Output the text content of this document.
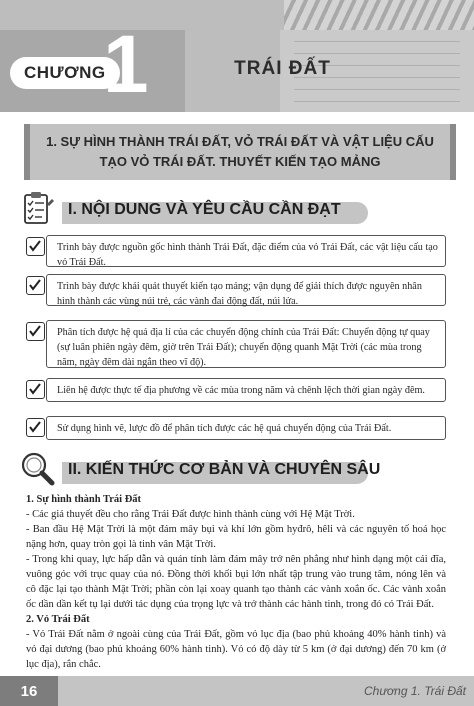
CHƯƠNG
1	TRÁI ĐẤT
1. SỰ HÌNH THÀNH TRÁI ĐẤT, VỎ TRÁI ĐẤT VÀ VẬT LIỆU CẤU TẠO VỎ TRÁI ĐẤT. THUYẾT KIẾN TẠO MẢNG
I. NỘI DUNG VÀ YÊU CẦU CẦN ĐẠT
Trình bày được nguồn gốc hình thành Trái Đất, đặc điểm của vỏ Trái Đất, các vật liệu cấu tạo vỏ Trái Đất.
Trình bày được khái quát thuyết kiến tạo mảng; vận dụng để giải thích được nguyên nhân hình thành các vùng núi trẻ, các vành đai động đất, núi lửa.
Phân tích được hệ quả địa lí của các chuyển động chính của Trái Đất: Chuyển động tự quay (sự luân phiên ngày đêm, giờ trên Trái Đất); chuyển động quanh Mặt Trời (các mùa trong năm, ngày đêm dài ngắn theo vĩ độ).
Liên hệ được thực tế địa phương về các mùa trong năm và chênh lệch thời gian ngày đêm.
Sử dụng hình vẽ, lược đồ để phân tích được các hệ quả chuyển động của Trái Đất.
II. KIẾN THỨC CƠ BẢN VÀ CHUYÊN SÂU

1. Sự hình thành Trái Đất

- Các giả thuyết đều cho rằng Trái Đất được hình thành cùng với Hệ Mặt Trời.

- Ban đầu Hệ Mặt Trời là một đám mây bụi và khí lớn gồm hyđrô, hêli và các nguyên tố hoá học nặng hơn, quay tròn gọi là tinh vân Mặt Trời.

- Trong khi quay, lực hấp dẫn và quán tính làm đám mây trở nên phẳng như hình dạng một cái đĩa, vuông góc với trục quay của nó. Đồng thời khối bụi lớn nhất tập trung vào trung tâm, nóng lên và cô đặc lại tạo thành Mặt Trời; phần còn lại xoay quanh tạo thành các vành xoắn ốc. Các vành xoắn ốc dần dần kết tụ lại dưới tác dụng của trọng lực và trở thành các hành tinh, trong đó có Trái Đất.

2. Vỏ Trái Đất

- Vỏ Trái Đất nằm ở ngoài cùng của Trái Đất, gồm vỏ lục địa (bao phủ khoảng 40% hành tinh) và vỏ đại dương (bao phủ khoảng 60% hành tinh). Vỏ có độ dày từ 5 km (ở đại dương) đến 70 km (ở lục địa), rắn chắc.

16	Chương 1. Trái Đất
